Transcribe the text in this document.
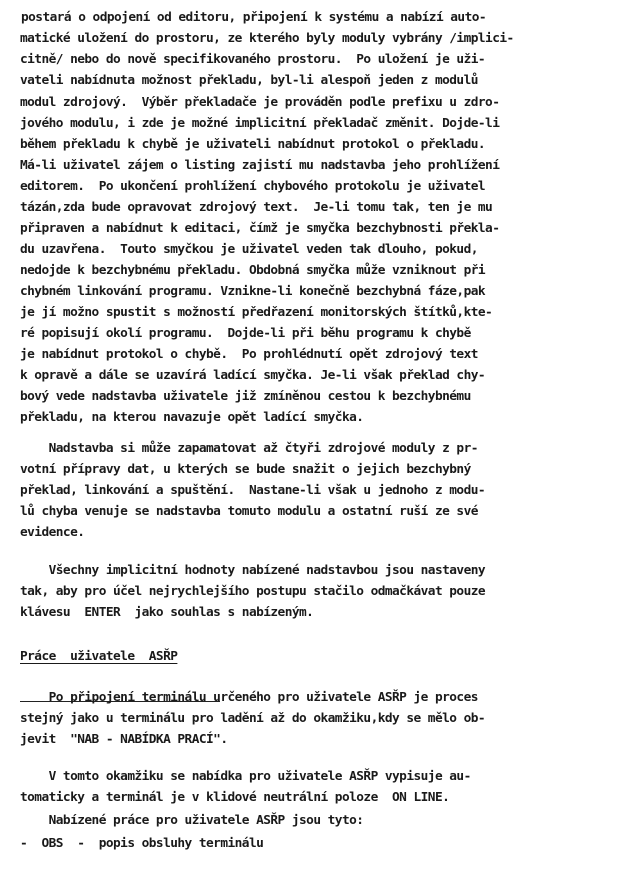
postará o odpojení od editoru, připojení k systému a nabízí auto-
matické uložení do prostoru, ze kterého byly moduly vybrány /implici-
citně/ nebo do nově specifikovaného prostoru.  Po uložení je uži-
vateli nabídnuta možnost překladu, byl-li alespoň jeden z modulů
modul zdrojový.  Výběr překladače je prováděn podle prefixu u zdro-
jového modulu, i zde je možné implicitní překladač změnit. Dojde-li
během překladu k chybě je uživateli nabídnut protokol o překladu.
Má-li uživatel zájem o listing zajistí mu nadstavba jeho prohlížení
editorem.  Po ukončení prohlížení chybového protokolu je uživatel
tázán,zda bude opravovat zdrojový text.  Je-li tomu tak, ten je mu
připraven a nabídnut k editaci, čímž je smyčka bezchybnosti překla-
du uzavřena.  Touto smyčkou je uživatel veden tak dlouho, pokud,
nedojde k bezchybnému překladu. Obdobná smyčka může vzniknout při
chybném linkování programu. Vznikne-li konečně bezchybná fáze,pak
je jí možno spustit s možností předřazení monitorských štítků,kte-
ré popisují okolí programu.  Dojde-li při běhu programu k chybě
je nabídnut protokol o chybě.  Po prohlédnutí opět zdrojový text
k opravě a dále se uzavírá ladící smyčka. Je-li však překlad chy-
bový vede nadstavba uživatele již zmíněnou cestou k bezchybnému
překladu, na kterou navazuje opět ladící smyčka.
Nadstavba si může zapamatovat až čtyři zdrojové moduly z pr-
votní přípravy dat, u kterých se bude snažit o jejich bezchybný
překlad, linkování a spuštění.  Nastane-li však u jednoho z modu-
lů chyba venuje se nadstavba tomuto modulu a ostatní ruší ze své
evidence.
Všechny implicitní hodnoty nabízené nadstavbou jsou nastaveny
tak, aby pro účel nejrychlejšího postupu stačilo odmačkávat pouze
klávesu  ENTER  jako souhlas s nabízeným.
Práce  uživatele  ASŘP
Po připojení terminálu určeného pro uživatele ASŘP je proces
stejný jako u terminálu pro ladění až do okamžiku,kdy se mělo ob-
jevit  "NAB - NABÍDKA PRACÍ".
V tomto okamžiku se nabídka pro uživatele ASŘP vypisuje au-
tomaticky a terminál je v klidové neutrální poloze  ON LINE.
Nabízené práce pro uživatele ASŘP jsou tyto:
-  OBS  -  popis obsluhy terminálu
